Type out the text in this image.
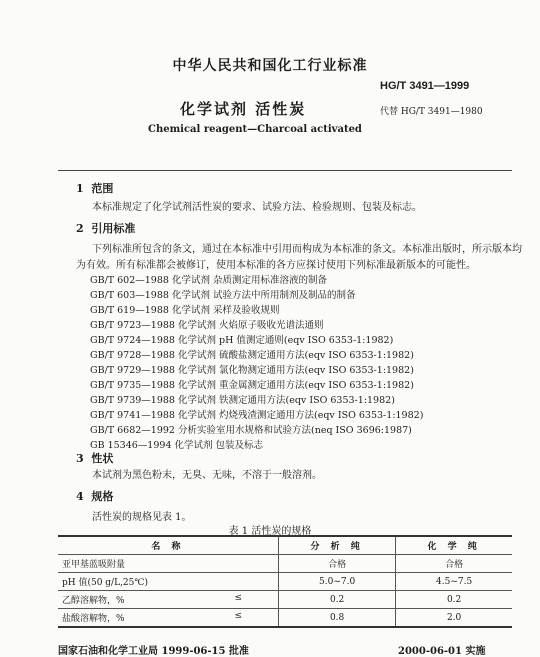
中华人民共和国化工行业标准
HG/T 3491—1999
化学试剂 活性炭	代替 HG/T 3491—1980
Chemical reagent—Charcoal activated
1 范围
本标准规定了化学试剂活性炭的要求、试验方法、检验规则、包装及标志。
2 引用标准
下列标准所包含的条文，通过在本标准中引用而构成为本标准的条文。本标准出版时，所示版本均
为有效。所有标准都会被修订，使用本标准的各方应探讨使用下列标准最新版本的可能性。
GB/T 602—1988 化学试剂 杂质测定用标准溶液的制备
GB/T 603—1988 化学试剂 试验方法中所用制剂及制品的制备
GB/T 619—1988 化学试剂 采样及验收规则
GB/T 9723—1988 化学试剂 火焰原子吸收光谱法通则
GB/T 9724—1988 化学试剂 pH 值测定通则(eqv ISO 6353-1:1982)
GB/T 9728—1988 化学试剂 硫酸盐测定通用方法(eqv ISO 6353-1:1982)
GB/T 9729—1988 化学试剂 氯化物测定通用方法(eqv ISO 6353-1:1982)
GB/T 9735—1988 化学试剂 重金属测定通用方法(eqv ISO 6353-1:1982)
GB/T 9739—1988 化学试剂 铁测定通用方法(eqv ISO 6353-1:1982)
GB/T 9741—1988 化学试剂 灼烧残渣测定通用方法(eqv ISO 6353-1:1982)
GB/T 6682—1992 分析实验室用水规格和试验方法(neq ISO 3696:1987)
GB 15346—1994 化学试剂 包装及标志
3 性状
本试剂为黑色粉末，无臭、无味，不溶于一般溶剂。
4 规格
活性炭的规格见表 1。
表 1 活性炭的规格
名 称	分 析 纯	化 学 纯
亚甲基蓝吸附量	合格	合格
pH 值(50 g/L,25℃)	5.0~7.0	4.5~7.5
乙醇溶解物，% ≤	0.2	0.2
盐酸溶解物，% ≤	0.8	2.0
国家石油和化学工业局 1999-06-15 批准	2000-06-01 实施
